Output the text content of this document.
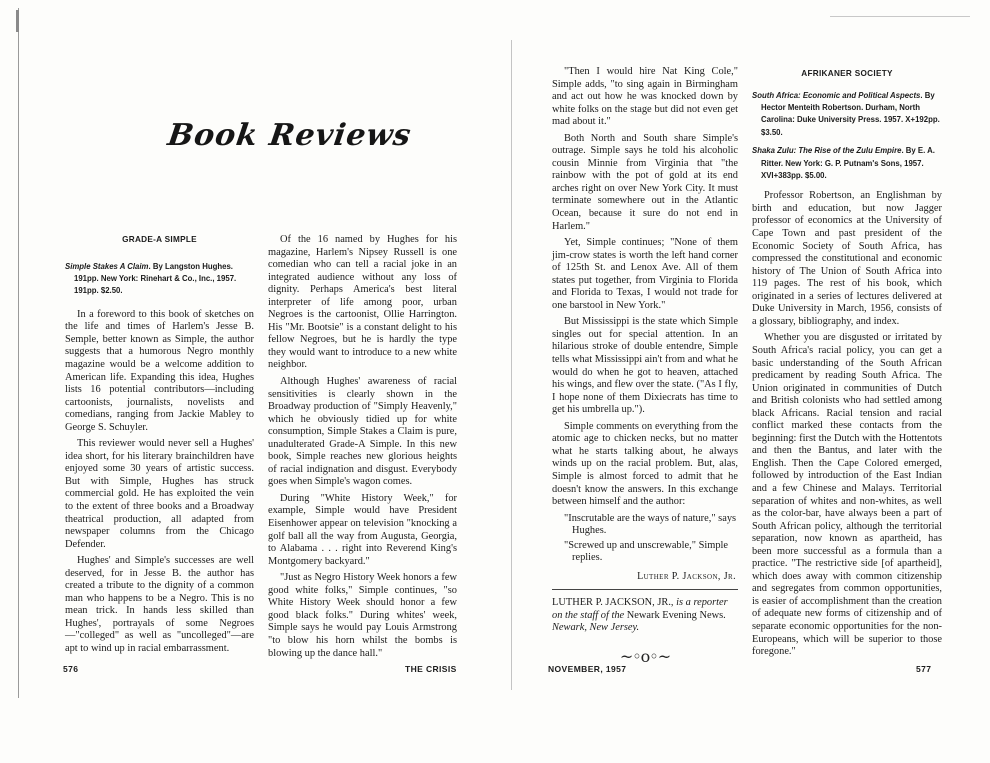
Book Reviews
GRADE-A SIMPLE
Simple Stakes A Claim. By Langston Hughes. 191pp. New York: Rinehart & Co., Inc., 1957. 191pp. $2.50.

In a foreword to this book of sketches on the life and times of Harlem's Jesse B. Semple, better known as Simple, the author suggests that a humorous Negro monthly magazine would be a welcome addition to American life. Expanding this idea, Hughes lists 16 potential contributors—including cartoonists, journalists, novelists and comedians, ranging from Jackie Mabley to George S. Schuyler.

This reviewer would never sell a Hughes' idea short, for his literary brainchildren have enjoyed some 30 years of artistic success. But with Simple, Hughes has struck commercial gold. He has exploited the vein to the extent of three books and a Broadway theatrical production, all adapted from newspaper columns from the Chicago Defender.

Hughes' and Simple's successes are well deserved, for in Jesse B. the author has created a tribute to the dignity of a common man who happens to be a Negro. This is no mean trick. In hands less skilled than Hughes', portrayals of some Negroes—"colleged" as well as "uncolleged"—are apt to wind up in racial embarrassment.

Of the 16 named by Hughes for his magazine, Harlem's Nipsey Russell is one comedian who can tell a racial joke in an integrated audience without any loss of dignity. Perhaps America's best literal interpreter of life among poor, urban Negroes is the cartoonist, Ollie Harrington. His "Mr. Bootsie" is a constant delight to his fellow Negroes, but he is hardly the type they would want to introduce to a new white neighbor.

Although Hughes' awareness of racial sensitivities is clearly shown in the Broadway production of "Simply Heavenly," which he obviously tidied up for white consumption, Simple Stakes a Claim is pure, unadulterated Grade-A Simple. In this new book, Simple reaches new glorious heights of racial indignation and disgust. Everybody goes when Simple's wagon comes.

During "White History Week," for example, Simple would have President Eisenhower appear on television "knocking a golf ball all the way from Augusta, Georgia, to Alabama . . . right into Reverend King's Montgomery backyard."

"Just as Negro History Week honors a few good white folks," Simple continues, "so White History Week should honor a few good black folks." During whites' week, Simple says he would pay Louis Armstrong "to blow his horn whilst the bombs is blowing up the dance hall."

"Then I would hire Nat King Cole," Simple adds, "to sing again in Birmingham and act out how he was knocked down by white folks on the stage but did not even get mad about it."

Both North and South share Simple's outrage. Simple says he told his alcoholic cousin Minnie from Virginia that "the rainbow with the pot of gold at its end arches right on over New York City. It must terminate somewhere out in the Atlantic Ocean, because it sure do not end in Harlem."

Yet, Simple continues; "None of them jim-crow states is worth the left hand corner of 125th St. and Lenox Ave. All of them states put together, from Virginia to Florida and Florida to Texas, I would not trade for one barstool in New York."

But Mississippi is the state which Simple singles out for special attention. In an hilarious stroke of double entendre, Simple tells what Mississippi ain't from and what he would do when he got to heaven, attached his wings, and flew over the state. ("As I fly, I hope none of them Dixiecrats has time to get his umbrella up.").

Simple comments on everything from the atomic age to chicken necks, but no matter what he starts talking about, he always winds up on the racial problem. But, alas, Simple is almost forced to admit that he doesn't know the answers. In this exchange between himself and the author:

"Inscrutable are the ways of nature," says Hughes.
"Screwed up and unscrewable," Simple replies.
Luther P. Jackson, Jr.
LUTHER P. JACKSON, JR., is a reporter on the staff of the Newark Evening News. Newark, New Jersey.
~◦o◦~
AFRIKANER SOCIETY
South Africa: Economic and Political Aspects. By Hector Menteith Robertson. Durham, North Carolina: Duke University Press. 1957. X+192pp. $3.50.
Shaka Zulu: The Rise of the Zulu Empire. By E. A. Ritter. New York: G. P. Putnam's Sons, 1957. XVI+383pp. $5.00.

Professor Robertson, an Englishman by birth and education, but now Jagger professor of economics at the University of Cape Town and past president of the Economic Society of South Africa, has compressed the constitutional and economic history of The Union of South Africa into 119 pages. The rest of his book, which originated in a series of lectures delivered at Duke University in March, 1956, consists of a glossary, bibliography, and index.

Whether you are disgusted or irritated by South Africa's racial policy, you can get a basic understanding of the South African predicament by reading South Africa. The Union originated in communities of Dutch and British colonists who had settled among black Africans. Racial tension and racial conflict marked these contacts from the beginning: first the Dutch with the Hottentots and then the Bantus, and later with the English. Then the Cape Colored emerged, followed by introduction of the East Indian and a few Chinese and Malays. Territorial separation of whites and non-whites, as well as the color-bar, have always been a part of South African policy, although the territorial separation, now known as apartheid, has been more successful as a formula than a practice. "The restrictive side [of apartheid], which does away with common citizenship and segregates from common opportunities, is easier of accomplishment than the creation of adequate new forms of citizenship and of separate economic opportunities for the non-Europeans, which will be superior to those foregone."

576	THE CRISIS	NOVEMBER, 1957	577
